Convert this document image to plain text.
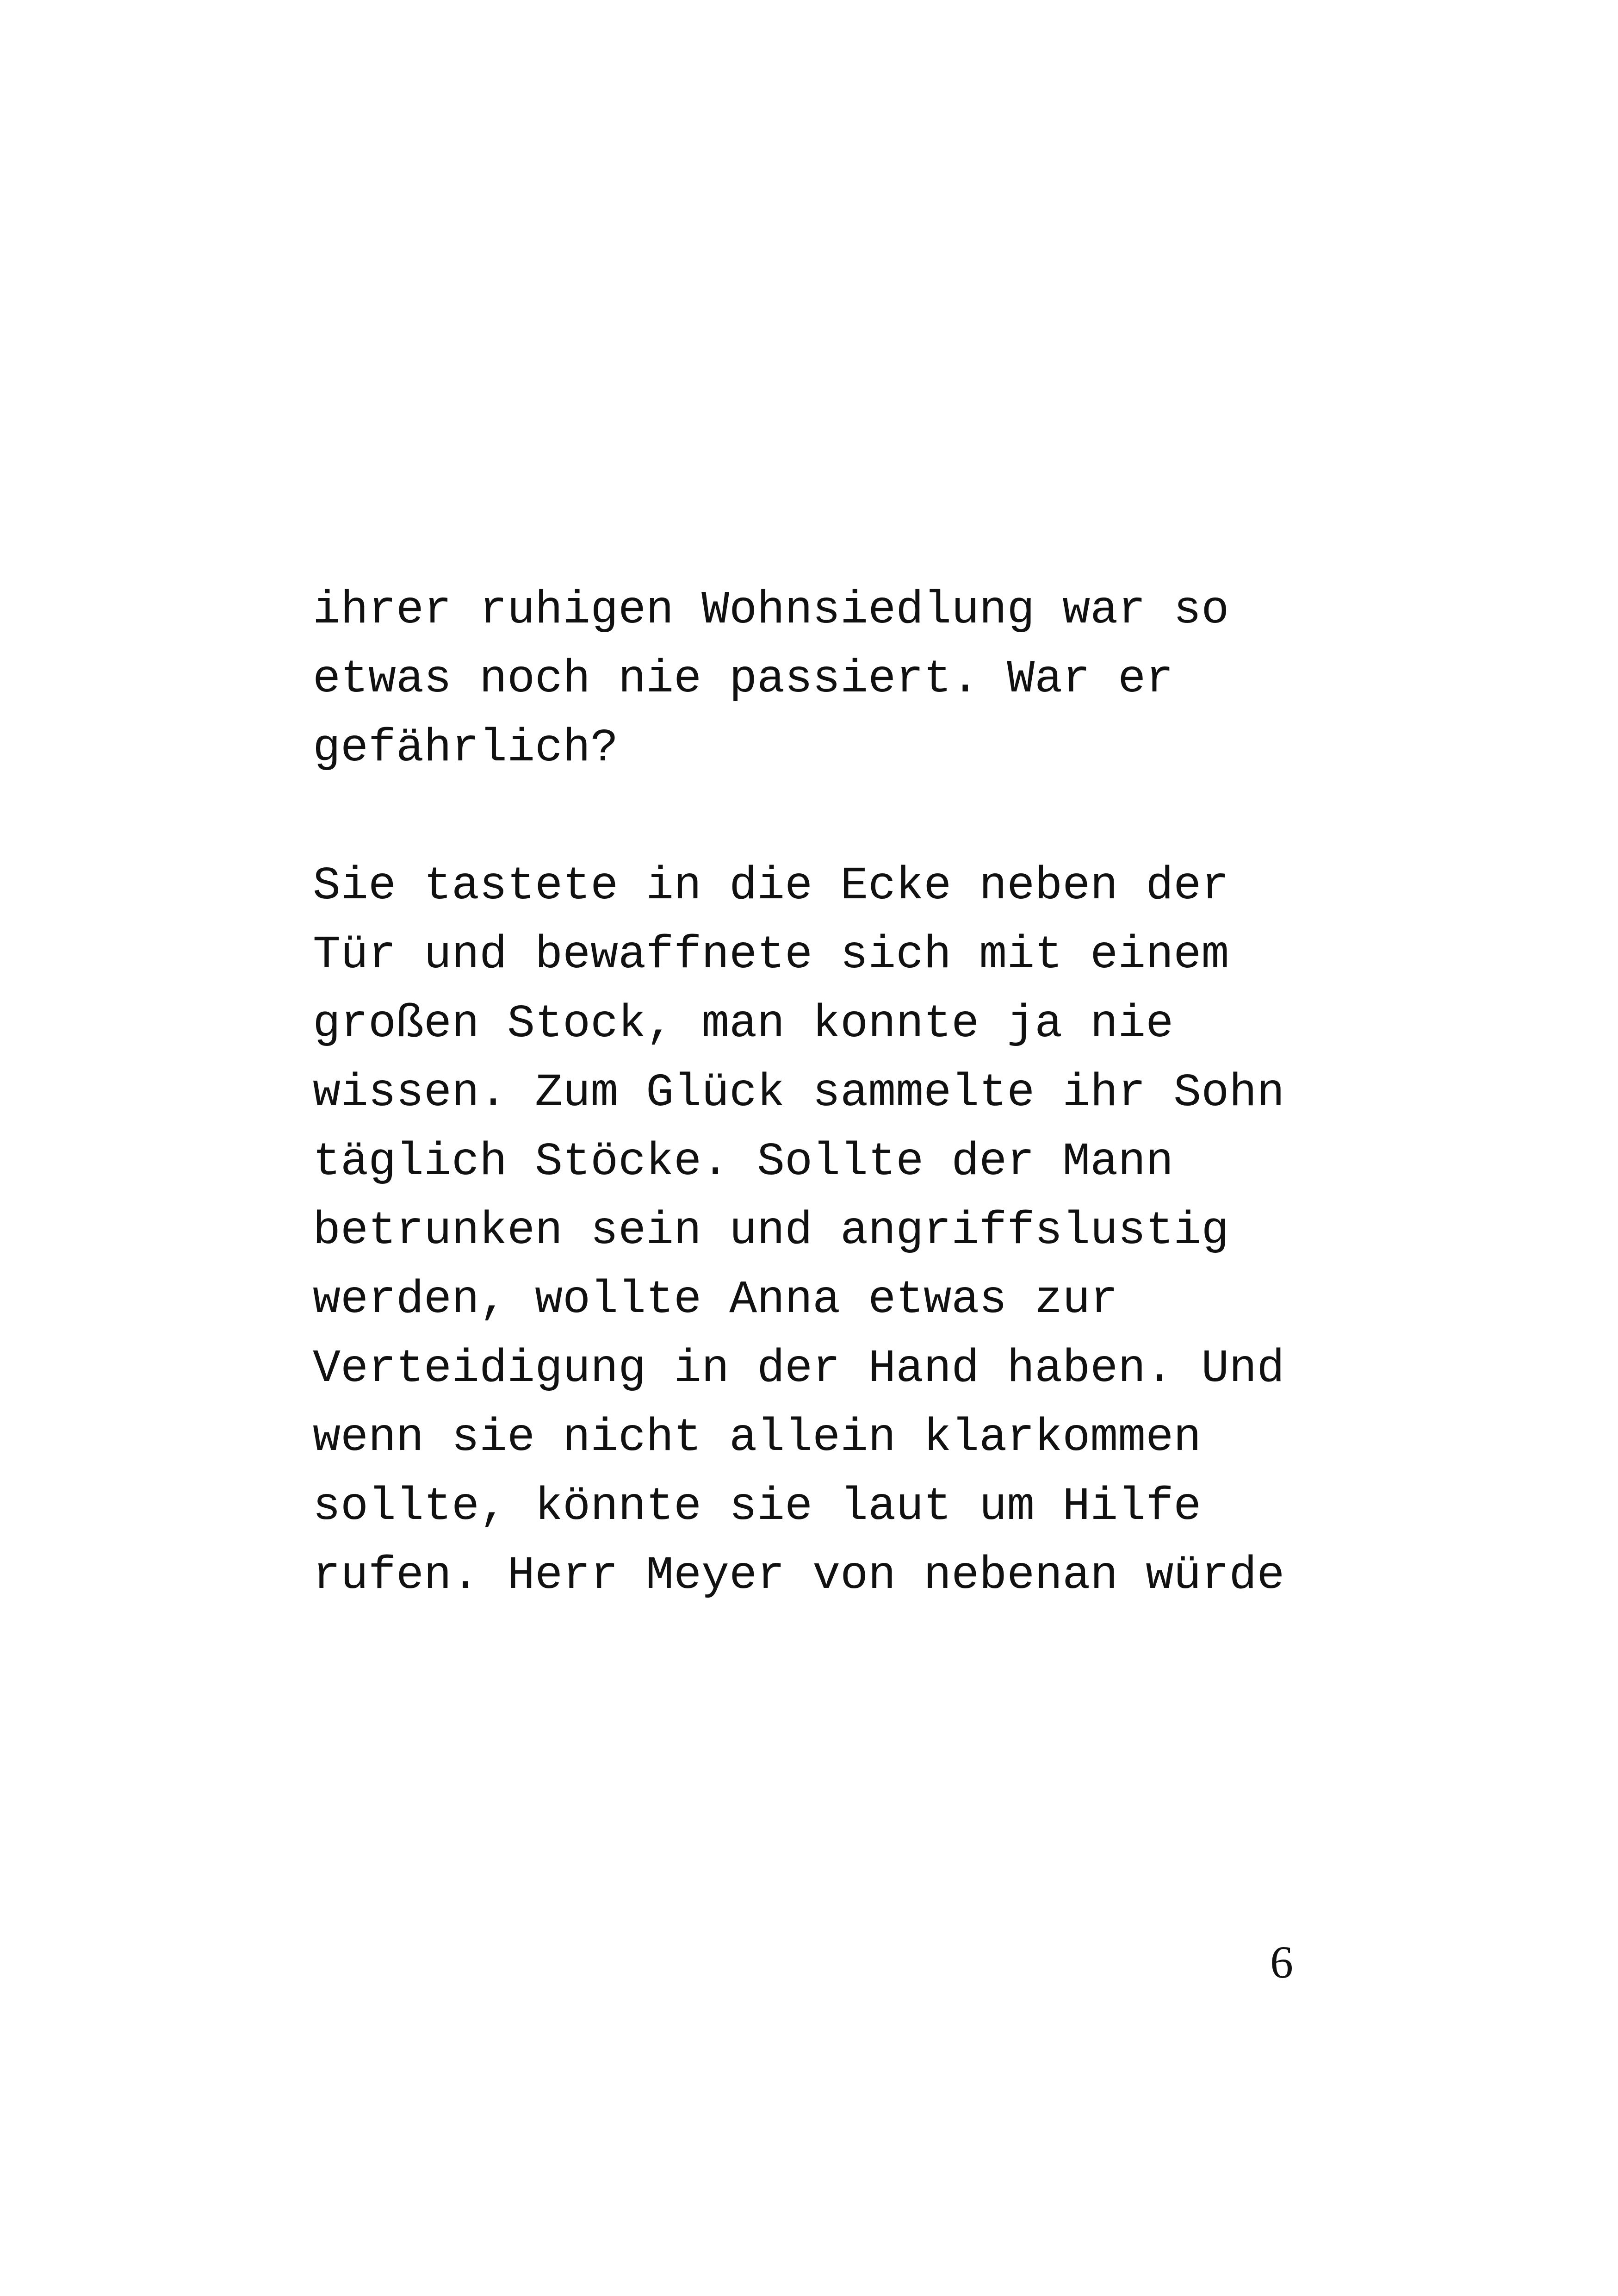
ihrer ruhigen Wohnsiedlung war so
etwas noch nie passiert. War er
gefährlich?
Sie tastete in die Ecke neben der
Tür und bewaffnete sich mit einem
großen Stock, man konnte ja nie
wissen. Zum Glück sammelte ihr Sohn
täglich Stöcke. Sollte der Mann
betrunken sein und angriffslustig
werden, wollte Anna etwas zur
Verteidigung in der Hand haben. Und
wenn sie nicht allein klarkommen
sollte, könnte sie laut um Hilfe
rufen. Herr Meyer von nebenan würde
6
